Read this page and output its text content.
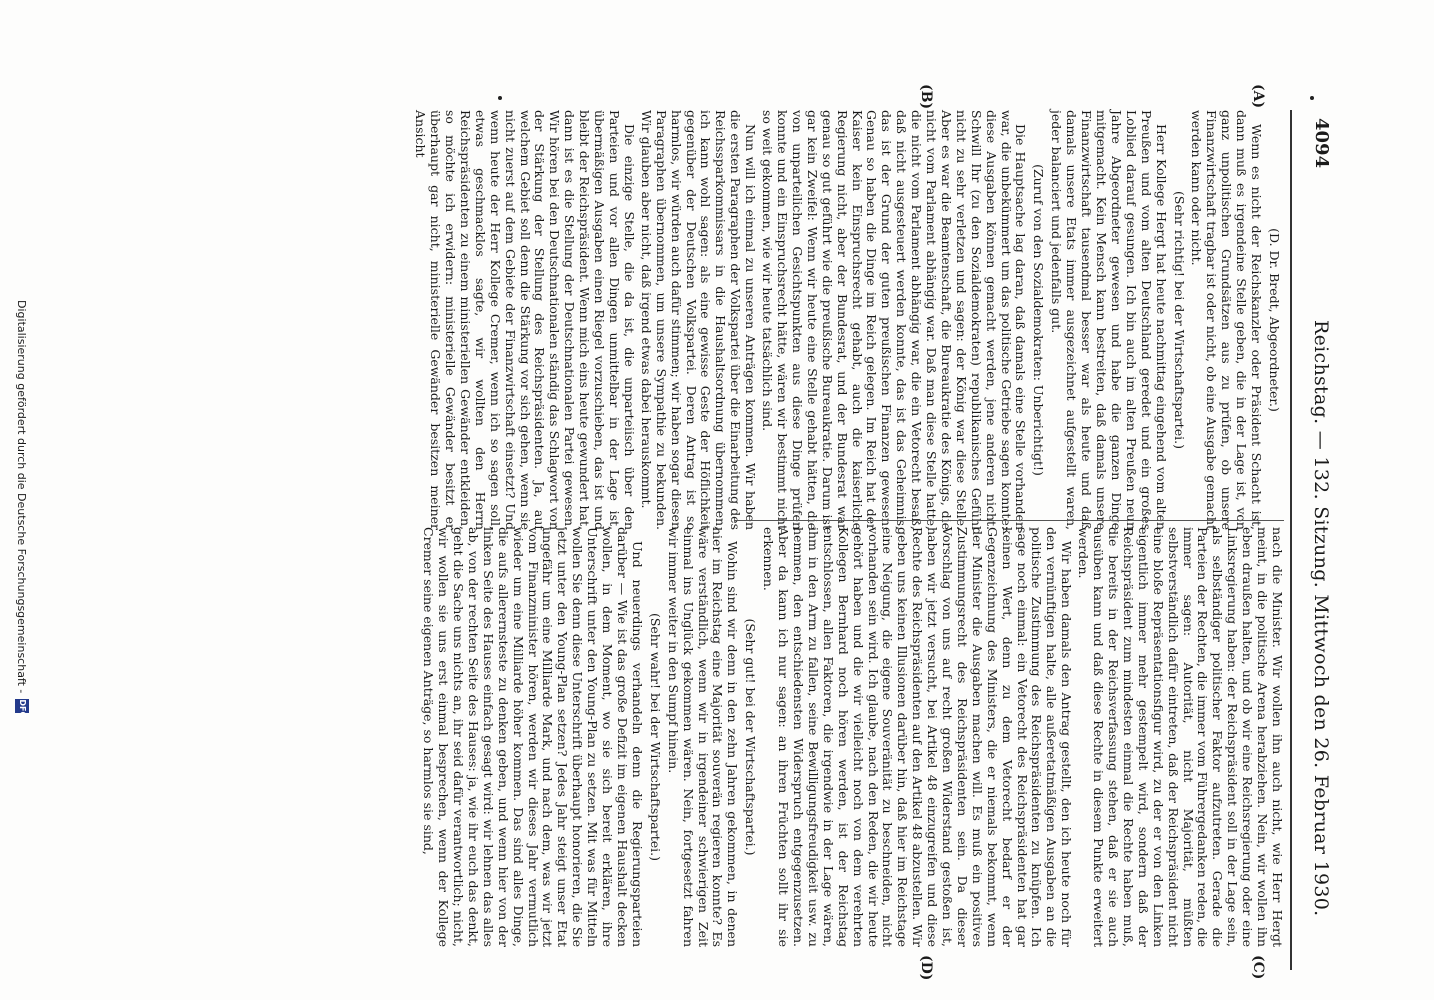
4094
Reichstag. — 132. Sitzung. Mittwoch den 26. Februar 1930.
(A)
(B)
(C)
(D)

(D. Dr. Bredt, Abgeordneter.)

Wenn es nicht der Reichskanzler oder Präsident Schacht ist, dann muß es irgendeine Stelle geben, die in der Lage ist, von ganz unpolitischen Grundsätzen aus zu prüfen, ob unsere Finanzwirtschaft tragbar ist oder nicht, ob eine Ausgabe gemacht werden kann oder nicht.

(Sehr richtig! bei der Wirtschaftspartei.)

Herr Kollege Hergt hat heute nachmittag eingehend vom alten Preußen und vom alten Deutschland geredet und ein großes Loblied darauf gesungen. Ich bin auch im alten Preußen neun Jahre Abgeordneter gewesen und habe die ganzen Dinge mitgemacht. Kein Mensch kann bestreiten, daß damals unsere Finanzwirtschaft tausendmal besser war als heute und daß damals unsere Etats immer ausgezeichnet aufgestellt waren, jeder balanciert und jedenfalls gut.

(Zuruf von den Sozialdemokraten: Unberichtigt!)

Die Hauptsache lag daran, daß damals eine Stelle vorhanden war, die unbekümmert um das politische Getriebe sagen konnte: diese Ausgaben können gemacht werden, jene anderen nicht. Schwill Ihr (zu den Sozialdemokraten) republikanisches Gefühl nicht zu sehr verletzen und sagen: der König war diese Stelle. Aber es war die Beamtenschaft, die Bureaukratie des Königs, die nicht vom Parlament abhängig war. Daß man diese Stelle hatte, die nicht vom Parlament abhängig war, die ein Vetorecht besaß, daß nicht ausgesteuert werden konnte, das ist das Geheimnis, das ist der Grund der guten preußischen Finanzen gewesen. Genau so haben die Dinge im Reich gelegen. Im Reich hat der Kaiser kein Einspruchsrecht gehabt, auch die kaiserliche Regierung nicht, aber der Bundesrat, und der Bundesrat war genau so gut geführt wie die preußische Bureaukratie. Darum ist gar kein Zweifel: Wenn wir heute eine Stelle gehabt hätten, die von unparteilichen Gesichtspunkten aus diese Dinge prüfen konnte und ein Einspruchsrecht hätte, wären wir bestimmt nicht so weit gekommen, wie wir heute tatsächlich sind.

Nun will ich einmal zu unseren Anträgen kommen. Wir haben die ersten Paragraphen der Volkspartei über die Einarbeitung des Reichssparkommissars in die Haushaltsordnung übernommen, ich kann wohl sagen: als eine gewisse Geste der Höflichkeit gegenüber der Deutschen Volkspartei. Deren Antrag ist so harmlos, wir würden auch dafür stimmen; wir haben sogar diesen Paragraphen übernommen, um unsere Sympathie zu bekunden. Wir glauben aber nicht, daß irgend etwas dabei herauskommt.

Die einzige Stelle, die da ist, die unparteiisch über den Parteien und vor allen Dingen unmittelbar in der Lage ist, übermäßigen Ausgaben einen Riegel vorzuschieben, das ist und bleibt der Reichspräsident. Wenn mich eins heute gewundert hat, dann ist es die Stellung der Deutschnationalen Partei gewesen. Wir hören bei den Deutschnationalen ständig das Schlagwort von der Stärkung der Stellung des Reichspräsidenten. Ja, auf welchem Gebiet soll denn die Stärkung vor sich gehen, wenn sie nicht zuerst auf dem Gebiete der Finanzwirtschaft einsetzt? Und wenn heute der Herr Kollege Cremer, wenn ich so sagen soll, etwas geschmacklos sagte, wir wollten den Herrn Reichspräsidenten zu einem ministeriellen Gewänder entkleiden, so möchte ich erwidern: ministerielle Gewänder besitzt er überhaupt gar nicht, ministerielle Gewänder besitzen meiner Ansicht

nach die Minister. Wir wollen ihn auch nicht, wie Herr Hergt meint, in die politische Arena herabziehen. Nein, wir wollen ihn eben draußen halten, und ob wir eine Reichsregierung oder eine Linksregierung haben: der Reichspräsident soll in der Lage sein, als selbständiger politischer Faktor aufzutreten. Gerade die Parteien der Rechten, die immer vom Führergedanken reden, die immer sagen: Autorität, nicht Majorität, müßten selbstverständlich dafür eintreten, daß der Reichspräsident nicht eine bloße Repräsentationsfigur wird, zu der er von den Linken eigentlich immer mehr gestempelt wird, sondern daß der Reichspräsident zum mindesten einmal die Rechte haben muß, die bereits in der Reichsverfassung stehen, daß er sie auch ausüben kann und daß diese Rechte in diesem Punkte erweitert werden.

Wir haben damals den Antrag gestellt, den ich heute noch für den vernünftigen halte, alle außeretatmäßigen Ausgaben an die politische Zustimmung des Reichspräsidenten zu knüpfen. Ich sage noch einmal: ein Vetorecht des Reichspräsidenten hat gar keinen Wert, denn zu dem Vetorecht bedarf er der Gegenzeichnung des Ministers, die er niemals bekommt, wenn der Minister die Ausgaben machen will. Es muß ein positives Zustimmungsrecht des Reichspräsidenten sein. Da dieser Vorschlag von uns auf recht großen Widerstand gestoßen ist, haben wir jetzt versucht, bei Artikel 48 einzugreifen und diese Rechte des Reichspräsidenten auf den Artikel 48 abzustellen. Wir geben uns keinen Illusionen darüber hin, daß hier im Reichstage eine Neigung, die eigene Souveränität zu beschneiden, nicht vorhanden sein wird. Ich glaube, nach den Reden, die wir heute gehört haben und die wir vielleicht noch von dem verehrten Kollegen Bernhard noch hören werden, ist der Reichstag entschlossen, allen Faktoren, die irgendwie in der Lage wären, ihm in den Arm zu fallen, seine Bewilligungsfreudigkeit usw. zu hemmen, den entschiedensten Widerspruch entgegenzusetzen. Aber da kann ich nur sagen: an ihren Früchten sollt ihr sie erkennen.

(Sehr gut! bei der Wirtschaftspartei.)

Wohin sind wir denn in den zehn Jahren gekommen, in denen hier im Reichstag eine Majorität souverän regieren konnte? Es wäre verständlich, wenn wir in irgendeiner schwierigen Zeit einmal ins Unglück gekommen wären. Nein, fortgesetzt fahren wir immer weiter in den Sumpf hinein.

(Sehr wahr! bei der Wirtschaftspartei.)

Und neuerdings verhandeln denn die Regierungsparteien darüber — Wie ist das große Defizit im eigenen Haushalt decken wollen, in dem Moment, wo sie sich bereit erklären, ihre Unterschrift unter den Young-Plan zu setzen. Mit was für Mitteln wollen Sie denn diese Unterschrift überhaupt honorieren, die Sie jetzt unter den Young-Plan setzen? Jedes Jahr steigt unser Etat ungefähr um eine Milliarde Mark, und nach dem, was wir jetzt vom Finanzminister hören, werden wir dieses Jahr vermutlich wieder um eine Milliarde höher kommen. Das sind alles Dinge, die aufs allerernsteste zu denken geben, und wenn hier von der linken Seite des Hauses einfach gesagt wird: wir lehnen das alles ab, von der rechten Seite des Hauses: ja, wie ihr euch das denkt, geht die Sache uns nichts an, ihr seid dafür verantwortlich; nicht, wir wollen sie uns erst einmal besprechen, wenn der Kollege Cremer seine eigenen Anträge, so harmlos sie sind,

Digitalisierung gefördert durch die Deutsche Forschungsgemeinschaft -
DFG
